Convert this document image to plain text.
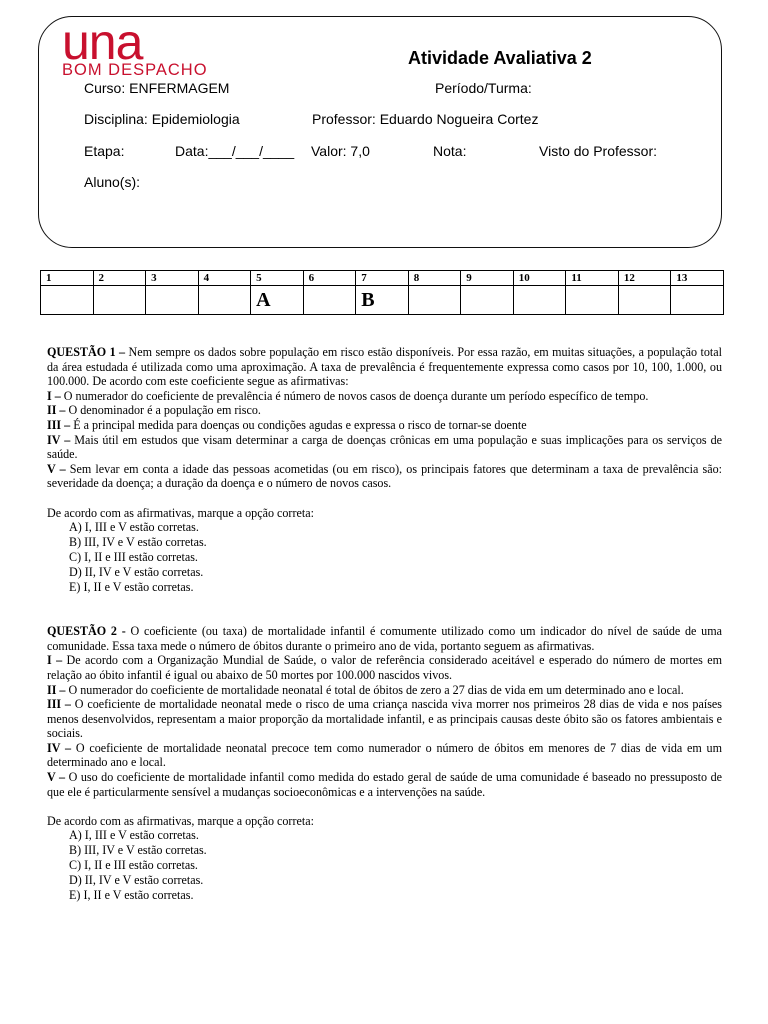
una
BOM DESPACHO
Atividade Avaliativa 2
Curso: ENFERMAGEM	Período/Turma:
Disciplina: Epidemiologia	Professor: Eduardo Nogueira Cortez
Etapa:	Data:___/___/____ Valor: 7,0	Nota:	Visto do Professor:
Aluno(s):
1	2	3	4	5	6	7	8	9	10	11	12	13
				A		B						

QUESTÃO 1 – Nem sempre os dados sobre população em risco estão disponíveis. Por essa razão, em muitas situações, a população total da área estudada é utilizada como uma aproximação. A taxa de prevalência é frequentemente expressa como casos por 10, 100, 1.000, ou 100.000. De acordo com este coeficiente segue as afirmativas:

I – O numerador do coeficiente de prevalência é número de novos casos de doença durante um período específico de tempo.

II – O denominador é a população em risco.

III – É a principal medida para doenças ou condições agudas e expressa o risco de tornar-se doente

IV – Mais útil em estudos que visam determinar a carga de doenças crônicas em uma população e suas implicações para os serviços de saúde.

V – Sem levar em conta a idade das pessoas acometidas (ou em risco), os principais fatores que determinam a taxa de prevalência são: severidade da doença; a duração da doença e o número de novos casos.

De acordo com as afirmativas, marque a opção correta:

A) I, III e V estão corretas.
B) III, IV e V estão corretas.
C) I, II e III estão corretas.
D) II, IV e V estão corretas.
E) I, II e V estão corretas.

QUESTÃO 2 - O coeficiente (ou taxa) de mortalidade infantil é comumente utilizado como um indicador do nível de saúde de uma comunidade. Essa taxa mede o número de óbitos durante o primeiro ano de vida, portanto seguem as afirmativas.

I – De acordo com a Organização Mundial de Saúde, o valor de referência considerado aceitável e esperado do número de mortes em relação ao óbito infantil é igual ou abaixo de 50 mortes por 100.000 nascidos vivos.

II – O numerador do coeficiente de mortalidade neonatal é total de óbitos de zero a 27 dias de vida em um determinado ano e local.

III – O coeficiente de mortalidade neonatal mede o risco de uma criança nascida viva morrer nos primeiros 28 dias de vida e nos países menos desenvolvidos, representam a maior proporção da mortalidade infantil, e as principais causas deste óbito são os fatores ambientais e sociais.

IV – O coeficiente de mortalidade neonatal precoce tem como numerador o número de óbitos em menores de 7 dias de vida em um determinado ano e local.

V – O uso do coeficiente de mortalidade infantil como medida do estado geral de saúde de uma comunidade é baseado no pressuposto de que ele é particularmente sensível a mudanças socioeconômicas e a intervenções na saúde.

De acordo com as afirmativas, marque a opção correta:

A) I, III e V estão corretas.
B) III, IV e V estão corretas.
C) I, II e III estão corretas.
D) II, IV e V estão corretas.
E) I, II e V estão corretas.
